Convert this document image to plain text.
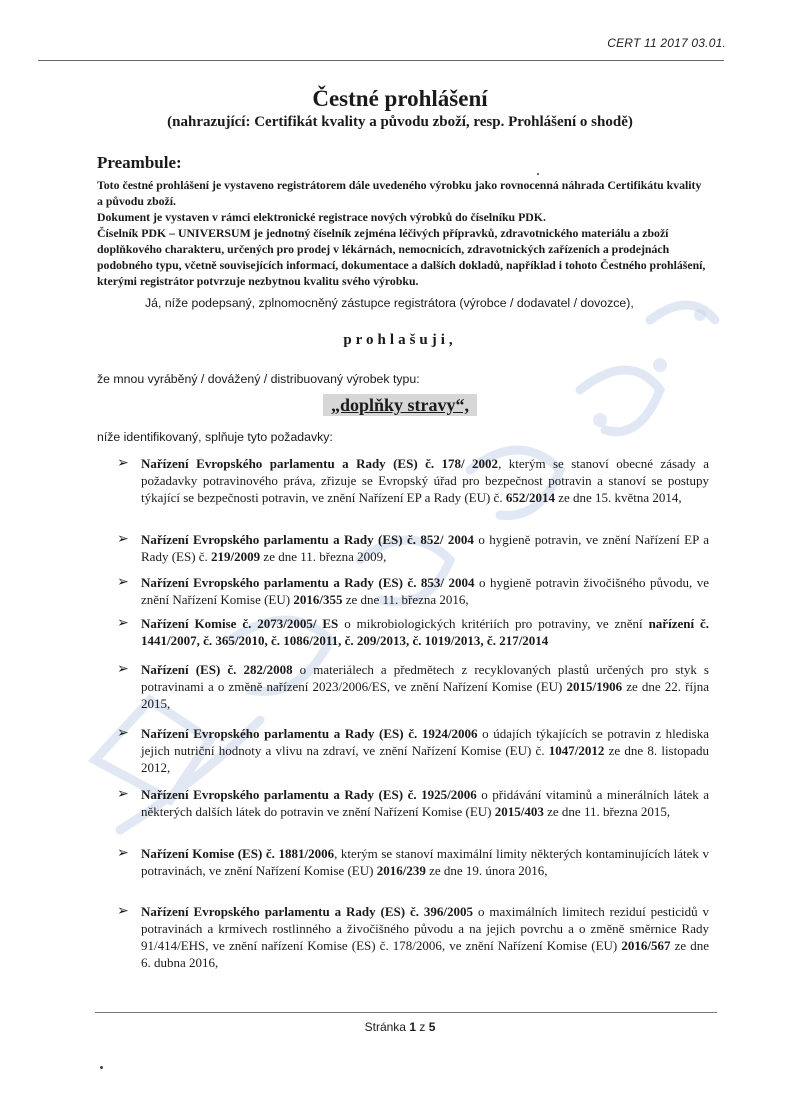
CERT 11 2017 03.01.
Čestné prohlášení
(nahrazující: Certifikát kvality a původu zboží, resp. Prohlášení o shodě)
Preambule:

Toto čestné prohlášení je vystaveno registrátorem dále uvedeného výrobku jako rovnocenná náhrada Certifikátu kvality a původu zboží.

Dokument je vystaven v rámci elektronické registrace nových výrobků do číselníku PDK.

Číselník PDK – UNIVERSUM je jednotný číselník zejména léčivých přípravků, zdravotnického materiálu a zboží doplňkového charakteru, určených pro prodej v lékárnách, nemocnicích, zdravotnických zařízeních a prodejnách podobného typu, včetně souvisejících informací, dokumentace a dalších dokladů, například i tohoto Čestného prohlášení, kterými registrátor potvrzuje nezbytnou kvalitu svého výrobku.

Já, níže podepsaný, zplnomocněný zástupce registrátora (výrobce / dodavatel / dovozce),
prohlašuji,
že mnou vyráběný / dovážený / distribuovaný výrobek typu:
„doplňky stravy“,
níže identifikovaný, splňuje tyto požadavky:
➢ Nařízení Evropského parlamentu a Rady (ES) č. 178/ 2002, kterým se stanoví obecné zásady a požadavky potravinového práva, zřizuje se Evropský úřad pro bezpečnost potravin a stanoví se postupy týkající se bezpečnosti potravin, ve znění Nařízení EP a Rady (EU) č. 652/2014 ze dne 15. května 2014,
➢ Nařízení Evropského parlamentu a Rady (ES) č. 852/ 2004 o hygieně potravin, ve znění Nařízení EP a Rady (ES) č. 219/2009 ze dne 11. března 2009,
➢ Nařízení Evropského parlamentu a Rady (ES) č. 853/ 2004 o hygieně potravin živočišného původu, ve znění Nařízení Komise (EU) 2016/355 ze dne 11. března 2016,
➢ Nařízení Komise č. 2073/2005/ ES o mikrobiologických kritériích pro potraviny, ve znění nařízení č. 1441/2007, č. 365/2010, č. 1086/2011, č. 209/2013, č. 1019/2013, č. 217/2014
➢ Nařízení (ES) č. 282/2008 o materiálech a předmětech z recyklovaných plastů určených pro styk s potravinami a o změně nařízení 2023/2006/ES, ve znění Nařízení Komise (EU) 2015/1906 ze dne 22. října 2015,
➢ Nařízení Evropského parlamentu a Rady (ES) č. 1924/2006 o údajích týkajících se potravin z hlediska jejich nutriční hodnoty a vlivu na zdraví, ve znění Nařízení Komise (EU) č. 1047/2012 ze dne 8. listopadu 2012,
➢ Nařízení Evropského parlamentu a Rady (ES) č. 1925/2006 o přidávání vitaminů a minerálních látek a některých dalších látek do potravin ve znění Nařízení Komise (EU) 2015/403 ze dne 11. března 2015,
➢ Nařízení Komise (ES) č. 1881/2006, kterým se stanoví maximální limity některých kontaminujících látek v potravinách, ve znění Nařízení Komise (EU) 2016/239 ze dne 19. února 2016,
➢ Nařízení Evropského parlamentu a Rady (ES) č. 396/2005 o maximálních limitech reziduí pesticidů v potravinách a krmivech rostlinného a živočišného původu a na jejich povrchu a o změně směrnice Rady 91/414/EHS, ve znění nařízení Komise (ES) č. 178/2006, ve znění Nařízení Komise (EU) 2016/567 ze dne 6. dubna 2016,
Stránka 1 z 5
